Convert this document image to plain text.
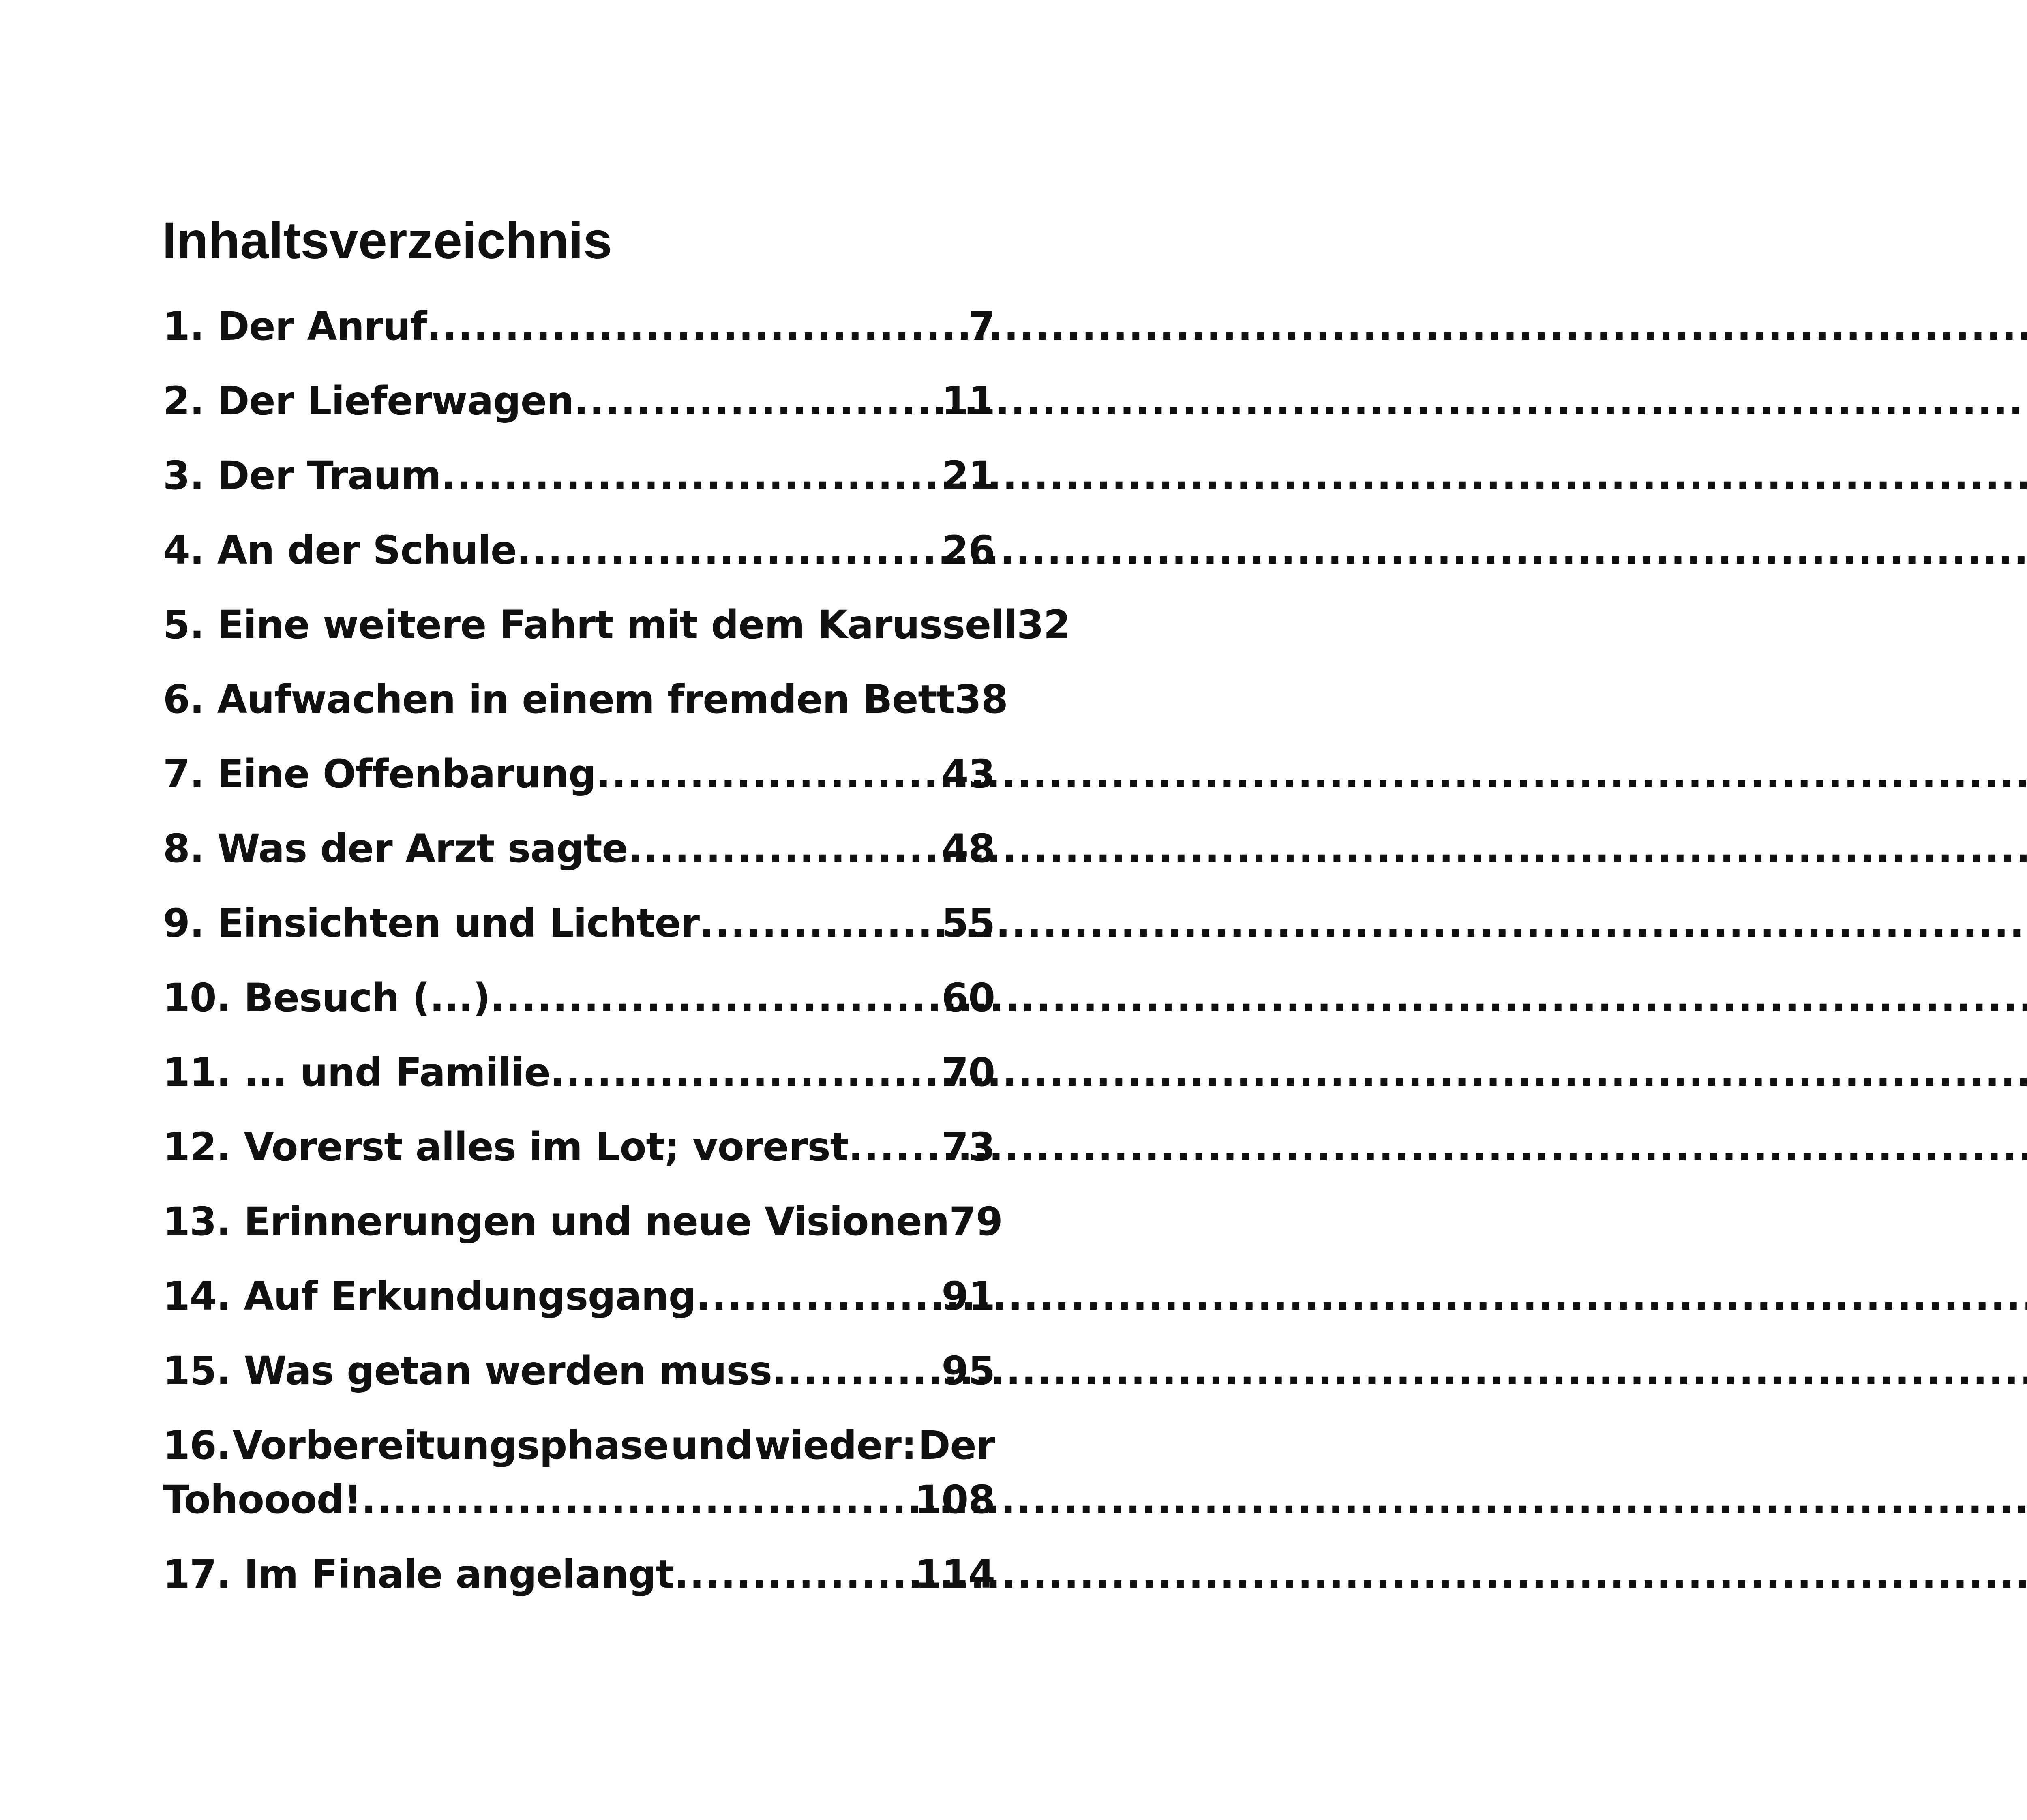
Inhaltsverzeichnis
1. Der Anruf .....	7
2. Der Lieferwagen .....	11
3. Der Traum .....	21
4. An der Schule .....	26
5. Eine weitere Fahrt mit dem Karussell 32
6. Aufwachen in einem fremden Bett 38
7. Eine Offenbarung .....	43
8. Was der Arzt sagte .....	48
9. Einsichten und Lichter .....	55
10. Besuch (...) .....	60
11. ... und Familie .....	70
12. Vorerst alles im Lot; vorerst ..... 73
13. Erinnerungen und neue Visionen 79
14. Auf Erkundungsgang .....	91
15. Was getan werden muss .....	95
16. Vorbereitungsphase und wieder: Der
Tohoood! .....	108
17. Im Finale angelangt .....	114
